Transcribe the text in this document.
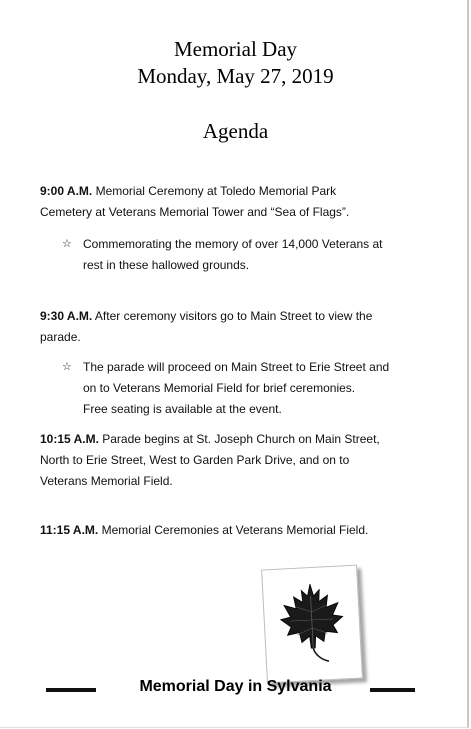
Memorial Day
Monday, May 27, 2019
Agenda
9:00 A.M. Memorial Ceremony at Toledo Memorial Park
Cemetery at Veterans Memorial Tower and “Sea of Flags”.
☆ Commemorating the memory of over 14,000 Veterans at
rest in these hallowed grounds.
9:30 A.M. After ceremony visitors go to Main Street to view the
parade.
☆ The parade will proceed on Main Street to Erie Street and
on to Veterans Memorial Field for brief ceremonies.
Free seating is available at the event.
10:15 A.M. Parade begins at St. Joseph Church on Main Street,
North to Erie Street, West to Garden Park Drive, and on to
Veterans Memorial Field.
11:15 A.M. Memorial Ceremonies at Veterans Memorial Field.
Memorial Day in Sylvania
